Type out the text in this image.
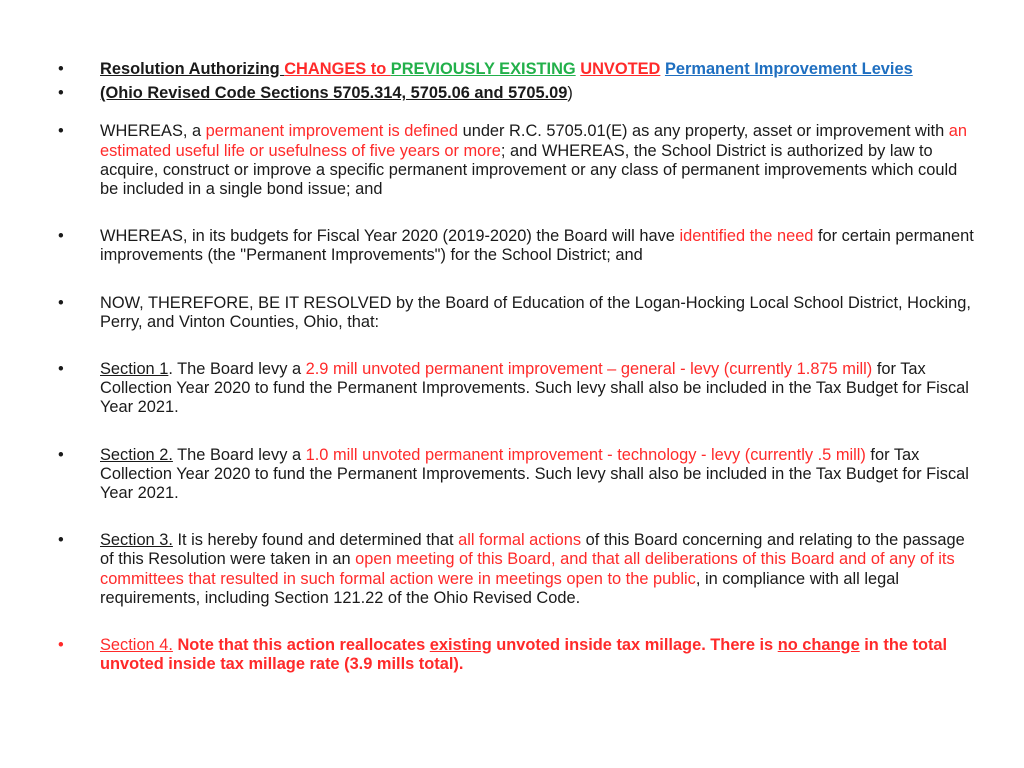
•	Resolution Authorizing CHANGES to PREVIOUSLY EXISTING UNVOTED Permanent Improvement Levies
•	(Ohio Revised Code Sections 5705.314, 5705.06 and 5705.09)
•	WHEREAS, a permanent improvement is defined under R.C. 5705.01(E) as any property, asset or improvement with an estimated useful life or usefulness of five years or more; and WHEREAS, the School District is authorized by law to acquire, construct or improve a specific permanent improvement or any class of permanent improvements which could be included in a single bond issue; and
•	WHEREAS, in its budgets for Fiscal Year 2020 (2019-2020) the Board will have identified the need for certain permanent improvements (the "Permanent Improvements") for the School District; and
•	NOW, THEREFORE, BE IT RESOLVED by the Board of Education of the Logan-Hocking Local School District, Hocking, Perry, and Vinton Counties, Ohio, that:
•	Section 1. The Board levy a 2.9 mill unvoted permanent improvement – general - levy (currently 1.875 mill) for Tax Collection Year 2020 to fund the Permanent Improvements. Such levy shall also be included in the Tax Budget for Fiscal Year 2021.
•	Section 2. The Board levy a 1.0 mill unvoted permanent improvement - technology - levy (currently .5 mill) for Tax Collection Year 2020 to fund the Permanent Improvements. Such levy shall also be included in the Tax Budget for Fiscal Year 2021.
•	Section 3. It is hereby found and determined that all formal actions of this Board concerning and relating to the passage of this Resolution were taken in an open meeting of this Board, and that all deliberations of this Board and of any of its committees that resulted in such formal action were in meetings open to the public, in compliance with all legal requirements, including Section 121.22 of the Ohio Revised Code.
•	Section 4. Note that this action reallocates existing unvoted inside tax millage. There is no change in the total unvoted inside tax millage rate (3.9 mills total).
